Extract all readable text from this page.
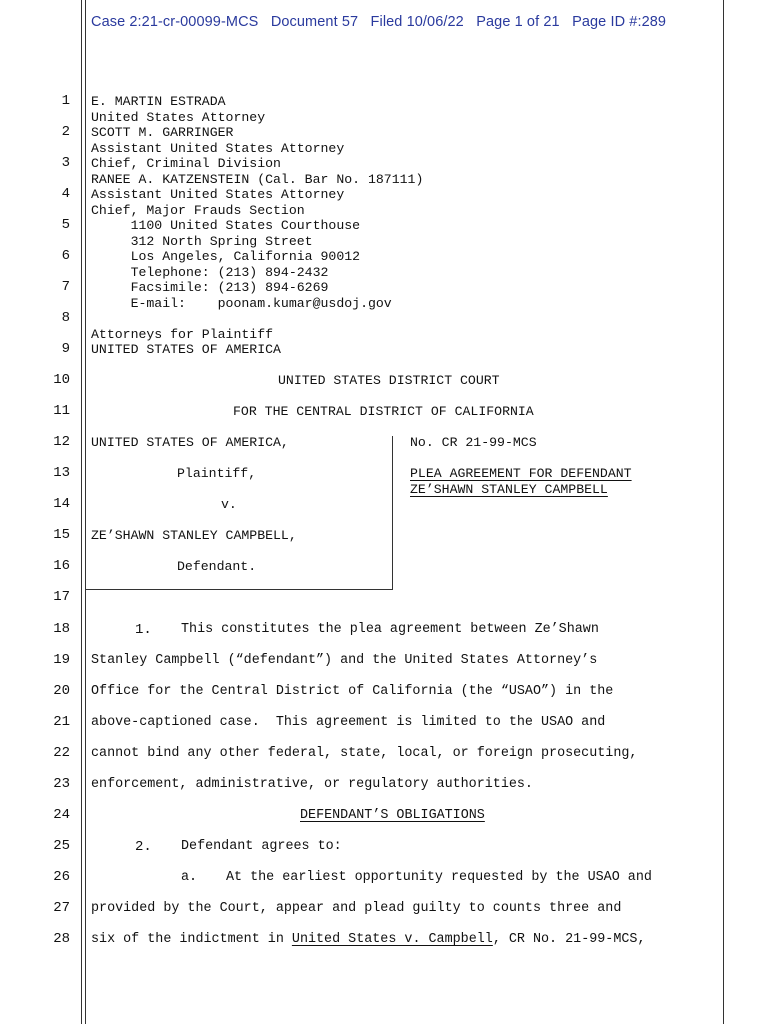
Case 2:21-cr-00099-MCS Document 57 Filed 10/06/22 Page 1 of 21 Page ID #:289
1
2
3
4
5
6
7
8
9
10
11
12
13
14
15
16
17
18
19
20
21
22
23
24
25
26
27
28
E. MARTIN ESTRADA
United States Attorney
SCOTT M. GARRINGER
Assistant United States Attorney
Chief, Criminal Division
RANEE A. KATZENSTEIN (Cal. Bar No. 187111)
Assistant United States Attorney
Chief, Major Frauds Section
1100 United States Courthouse
312 North Spring Street
Los Angeles, California 90012
Telephone: (213) 894-2432
Facsimile: (213) 894-6269
E-mail:    poonam.kumar@usdoj.gov
Attorneys for Plaintiff
UNITED STATES OF AMERICA
UNITED STATES DISTRICT COURT
FOR THE CENTRAL DISTRICT OF CALIFORNIA
UNITED STATES OF AMERICA,
Plaintiff,
v.
ZE’SHAWN STANLEY CAMPBELL,
Defendant.
No. CR 21-99-MCS
PLEA AGREEMENT FOR DEFENDANT
ZE’SHAWN STANLEY CAMPBELL
1. This constitutes the plea agreement between Ze’Shawn
Stanley Campbell (“defendant”) and the United States Attorney’s
Office for the Central District of California (the “USAO”) in the
above-captioned case.  This agreement is limited to the USAO and
cannot bind any other federal, state, local, or foreign prosecuting,
enforcement, administrative, or regulatory authorities.
DEFENDANT’S OBLIGATIONS
2. Defendant agrees to:
a. At the earliest opportunity requested by the USAO and
provided by the Court, appear and plead guilty to counts three and
six of the indictment in United States v. Campbell, CR No. 21-99-MCS,
